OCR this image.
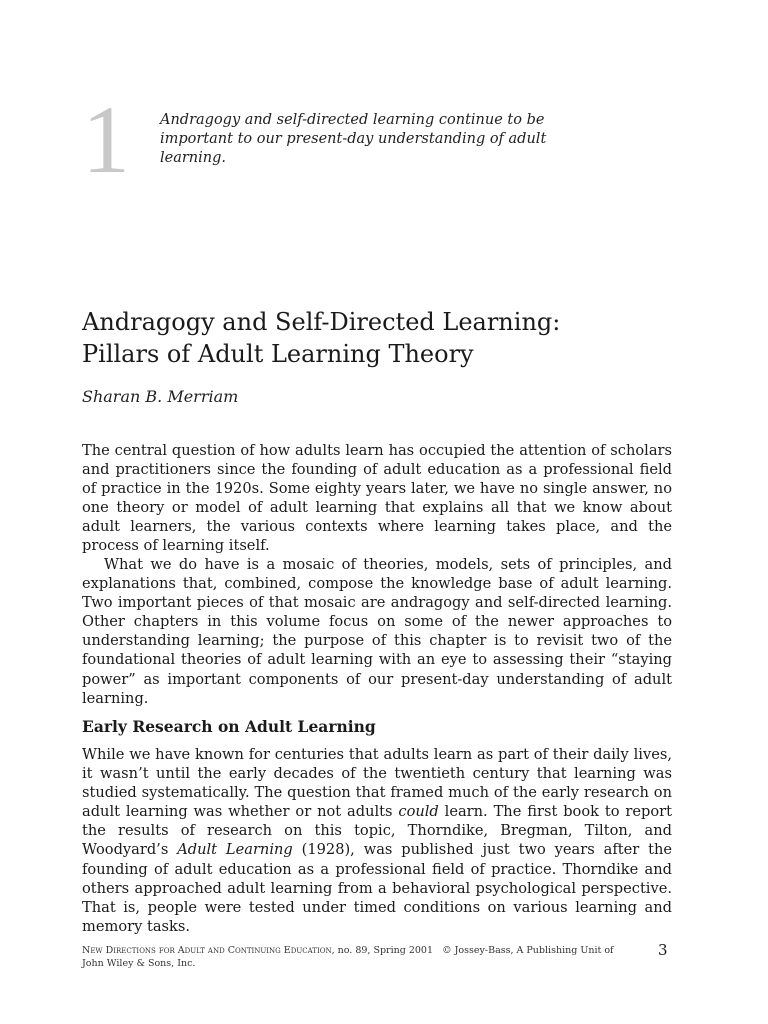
1 Andragogy and self-directed learning continue to be important to our present-day understanding of adult learning.

Andragogy and Self-Directed Learning:
Pillars of Adult Learning Theory

Sharan B. Merriam

The central question of how adults learn has occupied the attention of scholars and practitioners since the founding of adult education as a professional field of practice in the 1920s. Some eighty years later, we have no single answer, no one theory or model of adult learning that explains all that we know about adult learners, the various contexts where learning takes place, and the process of learning itself.

What we do have is a mosaic of theories, models, sets of principles, and explanations that, combined, compose the knowledge base of adult learning. Two important pieces of that mosaic are andragogy and self-directed learning. Other chapters in this volume focus on some of the newer approaches to understanding learning; the purpose of this chapter is to revisit two of the foundational theories of adult learning with an eye to assessing their “staying power” as important components of our present-day understanding of adult learning.

Early Research on Adult Learning

While we have known for centuries that adults learn as part of their daily lives, it wasn’t until the early decades of the twentieth century that learning was studied systematically. The question that framed much of the early research on adult learning was whether or not adults could learn. The first book to report the results of research on this topic, Thorndike, Bregman, Tilton, and Woodyard’s Adult Learning (1928), was published just two years after the founding of adult education as a professional field of practice. Thorndike and others approached adult learning from a behavioral psychological perspective. That is, people were tested under timed conditions on various learning and memory tasks.

New Directions for Adult and Continuing Education, no. 89, Spring 2001 © Jossey-Bass, A Publishing Unit of
John Wiley & Sons, Inc.
3
